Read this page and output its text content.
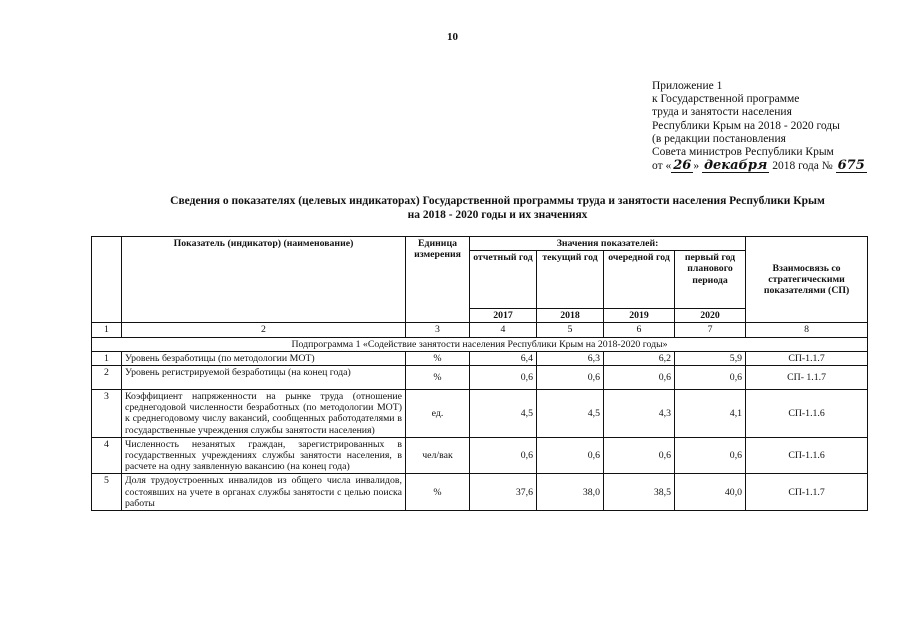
10
Приложение 1
к Государственной программе
труда и занятости населения
Республики Крым на 2018 - 2020 годы
(в редакции постановления
Совета министров Республики Крым
от « 26 » декабря 2018 года № 675
Сведения о показателях (целевых индикаторах) Государственной программы труда и занятости населения Республики Крым
на 2018 - 2020 годы и их значениях
	Показатель (индикатор) (наименование)	Единица измерения	Значения показателей:				Взаимосвязь со стратегическими показателями (СП)
			отчетный год	текущий год	очередной год	первый год планового периода	
			2017	2018	2019	2020	
1	2	3	4	5	6	7	8
Подпрограмма 1 «Содействие занятости населения Республики Крым на 2018-2020 годы»							
1	Уровень безработицы (по методологии МОТ)	%	6,4	6,3	6,2	5,9	СП-1.1.7
2	Уровень регистрируемой безработицы (на конец года)	%	0,6	0,6	0,6	0,6	СП- 1.1.7
3	Коэффициент напряженности на рынке труда (отношение среднегодовой численности безработных (по методологии МОТ) к среднегодовому числу вакансий, сообщенных работодателями в государственные учреждения службы занятости населения)	ед.	4,5	4,5	4,3	4,1	СП-1.1.6
4	Численность незанятых граждан, зарегистрированных в государственных учреждениях службы занятости населения, в расчете на одну заявленную вакансию (на конец года)	чел/вак	0,6	0,6	0,6	0,6	СП-1.1.6
5	Доля трудоустроенных инвалидов из общего числа инвалидов, состоявших на учете в органах службы занятости с целью поиска работы	%	37,6	38,0	38,5	40,0	СП-1.1.7
